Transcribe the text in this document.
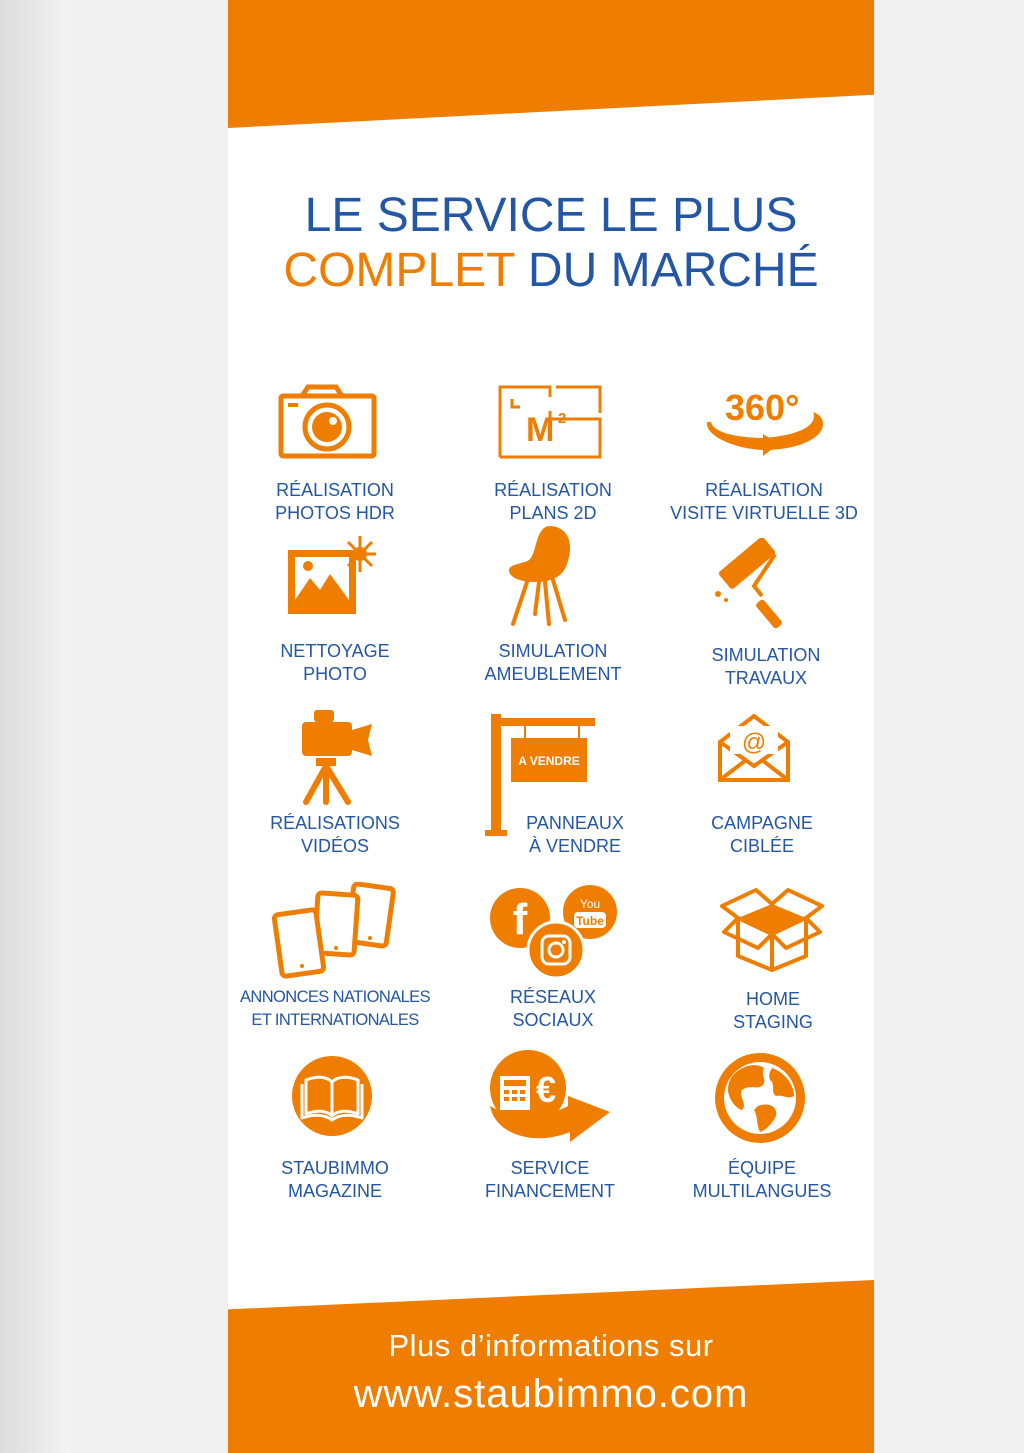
LE SERVICE LE PLUS
COMPLET DU MARCHÉ
M 2	360°
RÉALISATION
PHOTOS HDR
RÉALISATION
PLANS 2D
RÉALISATION
VISITE VIRTUELLE 3D
NETTOYAGE
PHOTO
SIMULATION
AMEUBLEMENT
SIMULATION
TRAVAUX
A VENDRE
@
RÉALISATIONS
VIDÉOS
PANNEAUX
À VENDRE
CAMPAGNE
CIBLÉE
f	You
Tube
ANNONCES NATIONALES
ET INTERNATIONALES
RÉSEAUX
SOCIAUX
HOME
STAGING
€
STAUBIMMO
MAGAZINE
SERVICE
FINANCEMENT
ÉQUIPE
MULTILANGUES
Plus d’informations sur
www.staubimmo.com
